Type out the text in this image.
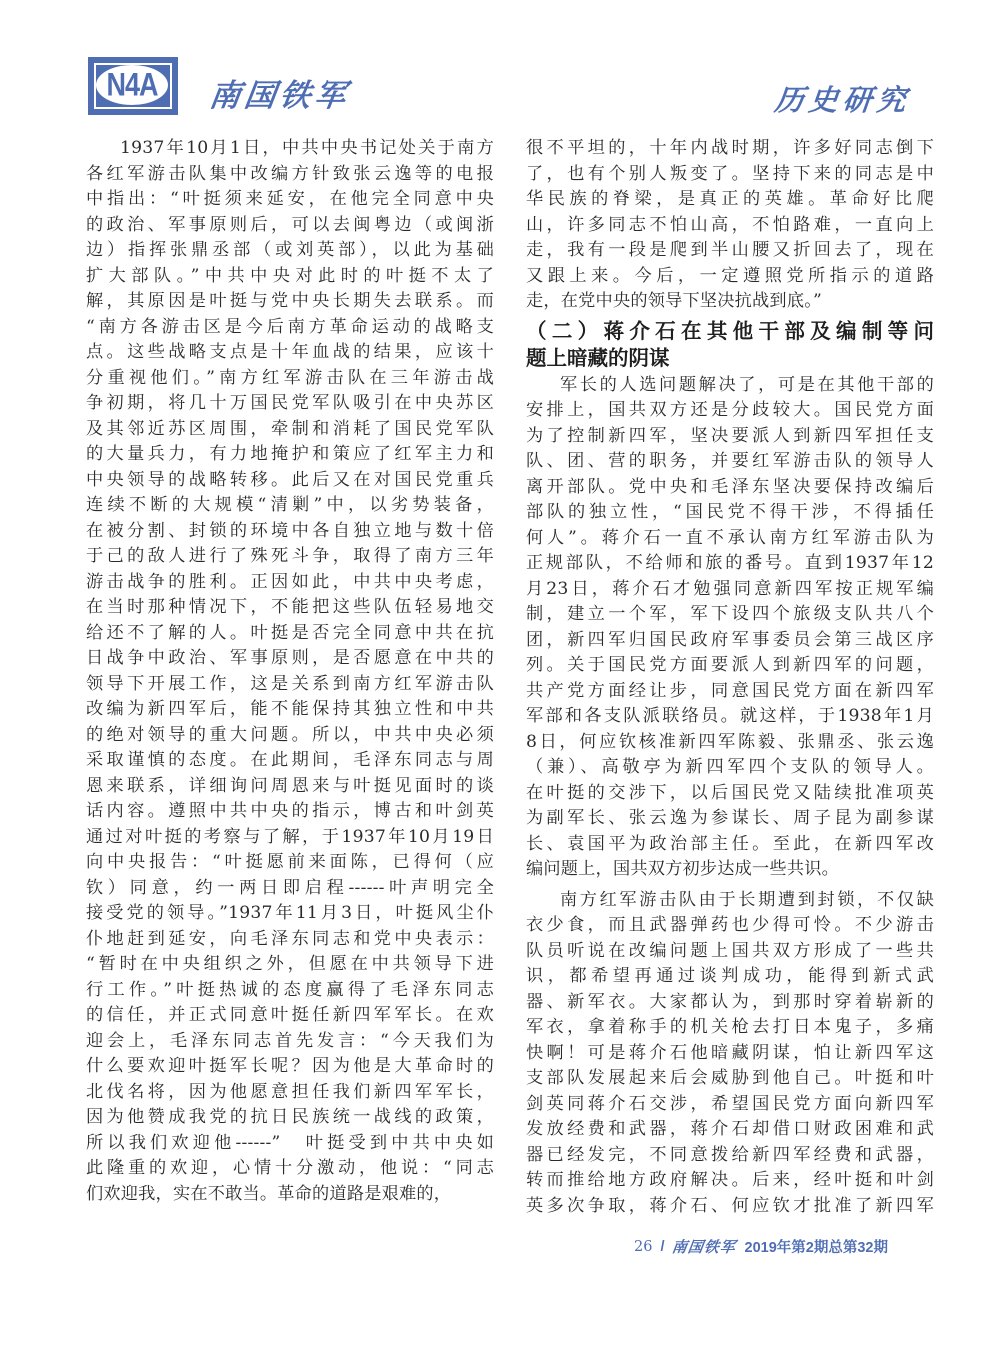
N4A 南国铁军	历史研究
1937年10月1日，中共中央书记处关于南方
各红军游击队集中改编方针致张云逸等的电报
中指出：“叶挺须来延安，在他完全同意中央
的政治、军事原则后，可以去闽粤边（或闽浙
边）指挥张鼎丞部（或刘英部），以此为基础
扩大部队。”中共中央对此时的叶挺不太了
解，其原因是叶挺与党中央长期失去联系。而
“南方各游击区是今后南方革命运动的战略支
点。这些战略支点是十年血战的结果，应该十
分重视他们。”南方红军游击队在三年游击战
争初期，将几十万国民党军队吸引在中央苏区
及其邻近苏区周围，牵制和消耗了国民党军队
的大量兵力，有力地掩护和策应了红军主力和
中央领导的战略转移。此后又在对国民党重兵
连续不断的大规模“清剿”中，以劣势装备，
在被分割、封锁的环境中各自独立地与数十倍
于己的敌人进行了殊死斗争，取得了南方三年
游击战争的胜利。正因如此，中共中央考虑，
在当时那种情况下，不能把这些队伍轻易地交
给还不了解的人。叶挺是否完全同意中共在抗
日战争中政治、军事原则，是否愿意在中共的
领导下开展工作，这是关系到南方红军游击队
改编为新四军后，能不能保持其独立性和中共
的绝对领导的重大问题。所以，中共中央必须
采取谨慎的态度。在此期间，毛泽东同志与周
恩来联系，详细询问周恩来与叶挺见面时的谈
话内容。遵照中共中央的指示，博古和叶剑英
通过对叶挺的考察与了解，于1937年10月19日
向中央报告：“叶挺愿前来面陈，已得何（应
钦）同意，约一两日即启程------叶声明完全
接受党的领导。”1937年11月3日，叶挺风尘仆
仆地赶到延安，向毛泽东同志和党中央表示：
“暂时在中央组织之外，但愿在中共领导下进
行工作。”叶挺热诚的态度赢得了毛泽东同志
的信任，并正式同意叶挺任新四军军长。在欢
迎会上，毛泽东同志首先发言：“今天我们为
什么要欢迎叶挺军长呢？因为他是大革命时的
北伐名将，因为他愿意担任我们新四军军长，
因为他赞成我党的抗日民族统一战线的政策，
所以我们欢迎他------”　叶挺受到中共中央如
此隆重的欢迎，心情十分激动，他说：“同志
们欢迎我，实在不敢当。革命的道路是艰难的，
很不平坦的，十年内战时期，许多好同志倒下
了，也有个别人叛变了。坚持下来的同志是中
华民族的脊梁，是真正的英雄。革命好比爬
山，许多同志不怕山高，不怕路难，一直向上
走，我有一段是爬到半山腰又折回去了，现在
又跟上来。今后，一定遵照党所指示的道路
走，在党中央的领导下坚决抗战到底。”
（二）蒋介石在其他干部及编制等问
题上暗藏的阴谋
军长的人选问题解决了，可是在其他干部的
安排上，国共双方还是分歧较大。国民党方面
为了控制新四军，坚决要派人到新四军担任支
队、团、营的职务，并要红军游击队的领导人
离开部队。党中央和毛泽东坚决要保持改编后
部队的独立性，“国民党不得干涉，不得插任
何人”。蒋介石一直不承认南方红军游击队为
正规部队，不给师和旅的番号。直到1937年12
月23日，蒋介石才勉强同意新四军按正规军编
制，建立一个军，军下设四个旅级支队共八个
团，新四军归国民政府军事委员会第三战区序
列。关于国民党方面要派人到新四军的问题，
共产党方面经让步，同意国民党方面在新四军
军部和各支队派联络员。就这样，于1938年1月
8日，何应钦核准新四军陈毅、张鼎丞、张云逸
（兼）、高敬亭为新四军四个支队的领导人。
在叶挺的交涉下，以后国民党又陆续批准项英
为副军长、张云逸为参谋长、周子昆为副参谋
长、袁国平为政治部主任。至此，在新四军改
编问题上，国共双方初步达成一些共识。
南方红军游击队由于长期遭到封锁，不仅缺
衣少食，而且武器弹药也少得可怜。不少游击
队员听说在改编问题上国共双方形成了一些共
识，都希望再通过谈判成功，能得到新式武
器、新军衣。大家都认为，到那时穿着崭新的
军衣，拿着称手的机关枪去打日本鬼子，多痛
快啊！可是蒋介石他暗藏阴谋，怕让新四军这
支部队发展起来后会威胁到他自己。叶挺和叶
剑英同蒋介石交涉，希望国民党方面向新四军
发放经费和武器，蒋介石却借口财政困难和武
器已经发完，不同意拨给新四军经费和武器，
转而推给地方政府解决。后来，经叶挺和叶剑
英多次争取，蒋介石、何应钦才批准了新四军
26 / 南国铁军 2019年第2期总第32期
